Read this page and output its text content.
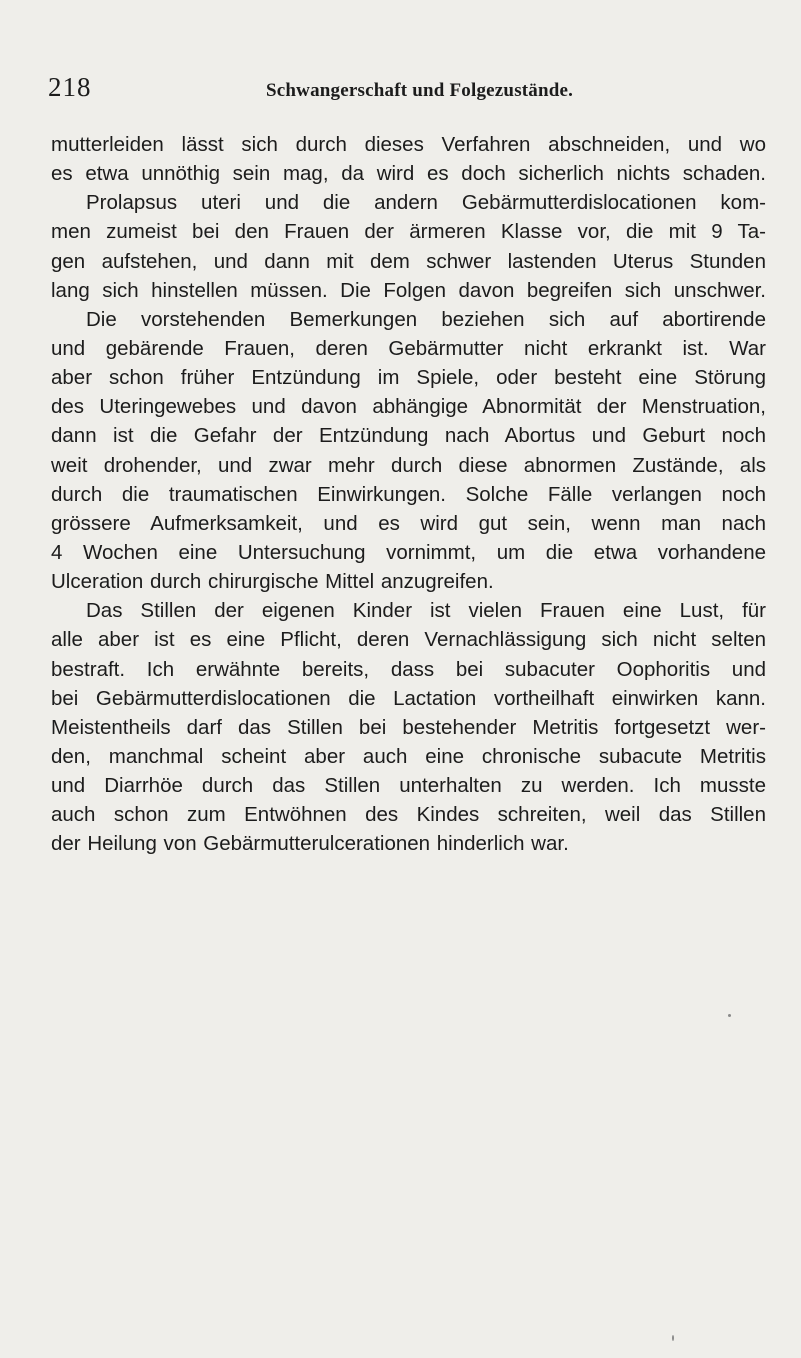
218	Schwangerschaft und Folgezustände.
mutterleiden lässt sich durch dieses Verfahren abschneiden, und wo
es etwa unnöthig sein mag, da wird es doch sicherlich nichts schaden.
Prolapsus uteri und die andern Gebärmutterdislocationen kom-
men zumeist bei den Frauen der ärmeren Klasse vor, die mit 9 Ta-
gen aufstehen, und dann mit dem schwer lastenden Uterus Stunden
lang sich hinstellen müssen. Die Folgen davon begreifen sich unschwer.
Die vorstehenden Bemerkungen beziehen sich auf abortirende
und gebärende Frauen, deren Gebärmutter nicht erkrankt ist. War
aber schon früher Entzündung im Spiele, oder besteht eine Störung
des Uteringewebes und davon abhängige Abnormität der Menstruation,
dann ist die Gefahr der Entzündung nach Abortus und Geburt noch
weit drohender, und zwar mehr durch diese abnormen Zustände, als
durch die traumatischen Einwirkungen. Solche Fälle verlangen noch
grössere Aufmerksamkeit, und es wird gut sein, wenn man nach
4 Wochen eine Untersuchung vornimmt, um die etwa vorhandene
Ulceration durch chirurgische Mittel anzugreifen.
Das Stillen der eigenen Kinder ist vielen Frauen eine Lust, für
alle aber ist es eine Pflicht, deren Vernachlässigung sich nicht selten
bestraft. Ich erwähnte bereits, dass bei subacuter Oophoritis und
bei Gebärmutterdislocationen die Lactation vortheilhaft einwirken kann.
Meistentheils darf das Stillen bei bestehender Metritis fortgesetzt wer-
den, manchmal scheint aber auch eine chronische subacute Metritis
und Diarrhöe durch das Stillen unterhalten zu werden. Ich musste
auch schon zum Entwöhnen des Kindes schreiten, weil das Stillen
der Heilung von Gebärmutterulcerationen hinderlich war.
